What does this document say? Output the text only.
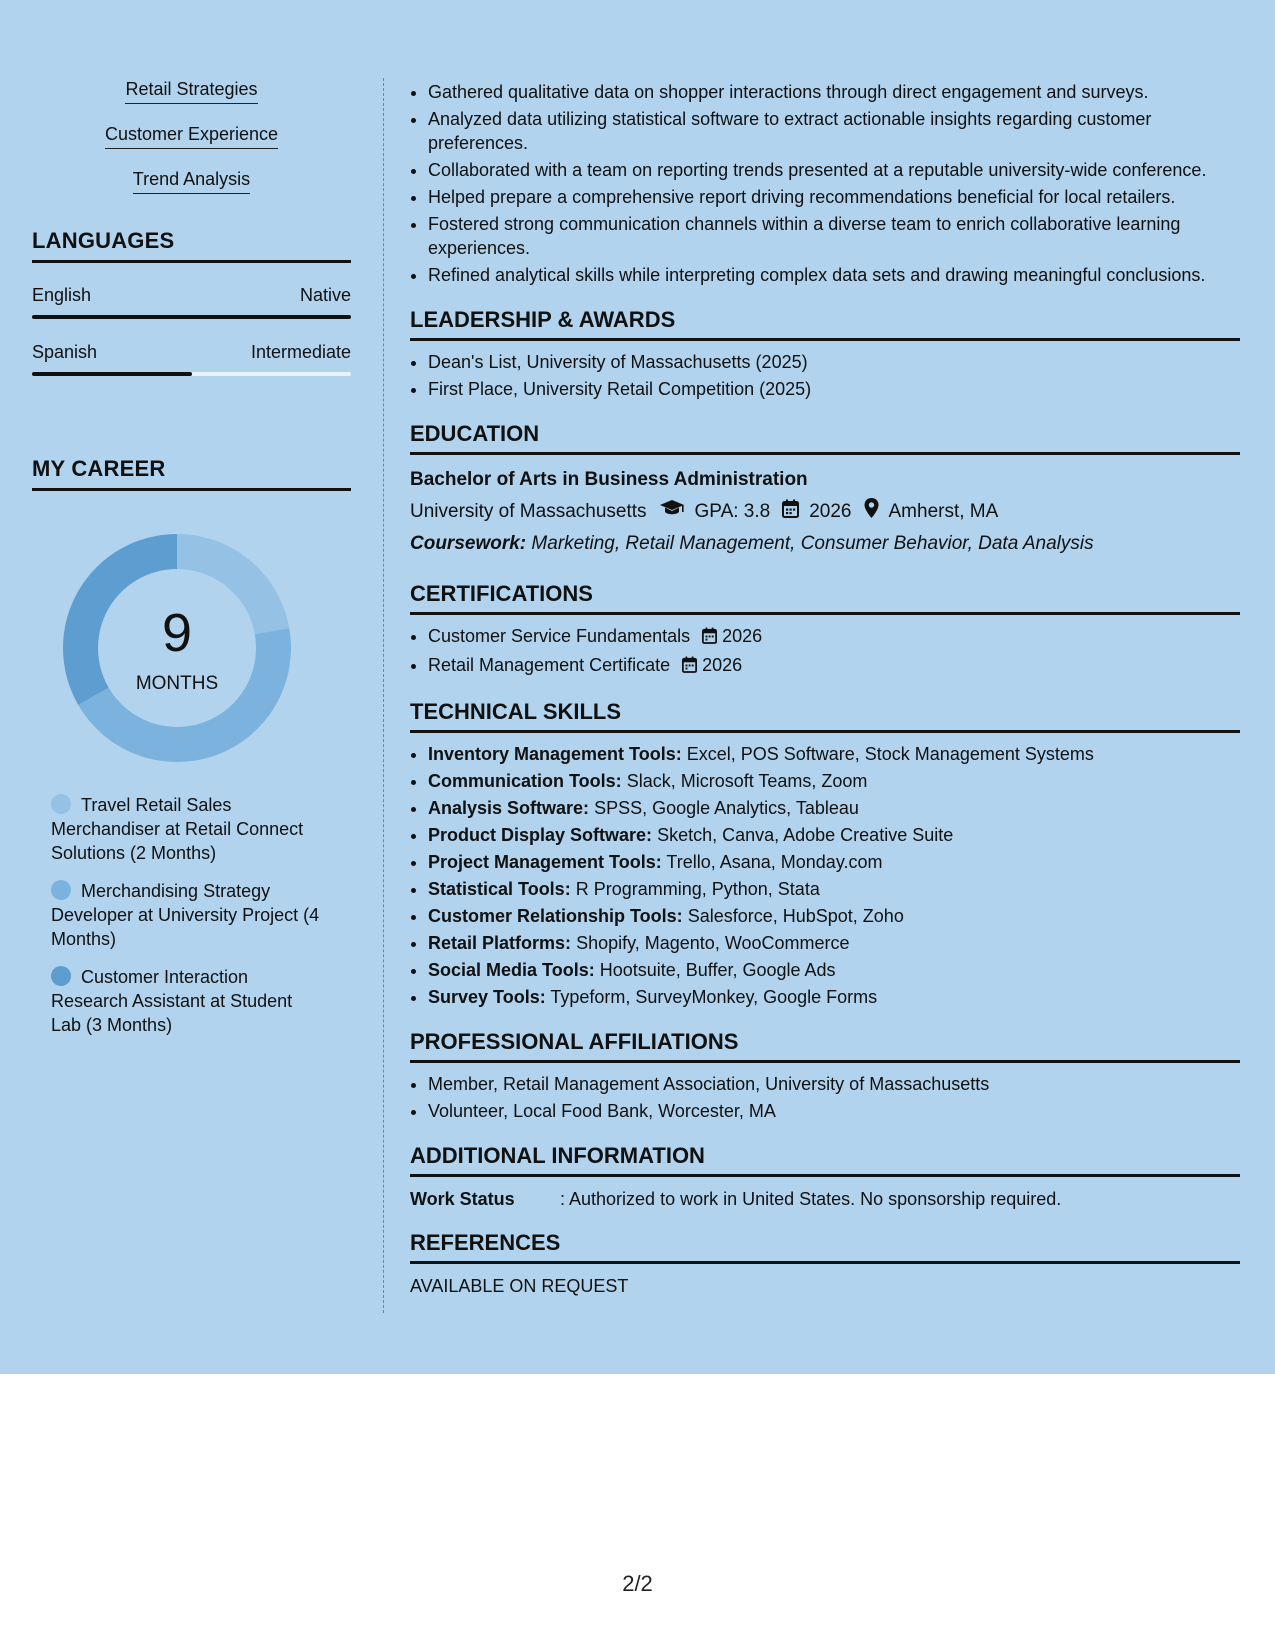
Retail Strategies
Customer Experience
Trend Analysis
LANGUAGES
English	Native
Spanish	Intermediate
MY CAREER
9
MONTHS
Travel Retail Sales Merchandiser at Retail Connect Solutions (2 Months)
Merchandising Strategy Developer at University Project (4 Months)
Customer Interaction Research Assistant at Student Lab (3 Months)
• Gathered qualitative data on shopper interactions through direct engagement and surveys.
• Analyzed data utilizing statistical software to extract actionable insights regarding customer preferences.
• Collaborated with a team on reporting trends presented at a reputable university-wide conference.
• Helped prepare a comprehensive report driving recommendations beneficial for local retailers.
• Fostered strong communication channels within a diverse team to enrich collaborative learning experiences.
• Refined analytical skills while interpreting complex data sets and drawing meaningful conclusions.
LEADERSHIP & AWARDS
• Dean's List, University of Massachusetts (2025)
• First Place, University Retail Competition (2025)
EDUCATION
Bachelor of Arts in Business Administration
University of Massachusetts	GPA: 3.8 2026 Amherst, MA
Coursework: Marketing, Retail Management, Consumer Behavior, Data Analysis
CERTIFICATIONS
• Customer Service Fundamentals 2026
• Retail Management Certificate 2026
TECHNICAL SKILLS
• Inventory Management Tools: Excel, POS Software, Stock Management Systems
• Communication Tools: Slack, Microsoft Teams, Zoom
• Analysis Software: SPSS, Google Analytics, Tableau
• Product Display Software: Sketch, Canva, Adobe Creative Suite
• Project Management Tools: Trello, Asana, Monday.com
• Statistical Tools: R Programming, Python, Stata
• Customer Relationship Tools: Salesforce, HubSpot, Zoho
• Retail Platforms: Shopify, Magento, WooCommerce
• Social Media Tools: Hootsuite, Buffer, Google Ads
• Survey Tools: Typeform, SurveyMonkey, Google Forms
PROFESSIONAL AFFILIATIONS
• Member, Retail Management Association, University of Massachusetts
• Volunteer, Local Food Bank, Worcester, MA
ADDITIONAL INFORMATION
Work Status	: Authorized to work in United States. No sponsorship required.
REFERENCES
AVAILABLE ON REQUEST
2/2
